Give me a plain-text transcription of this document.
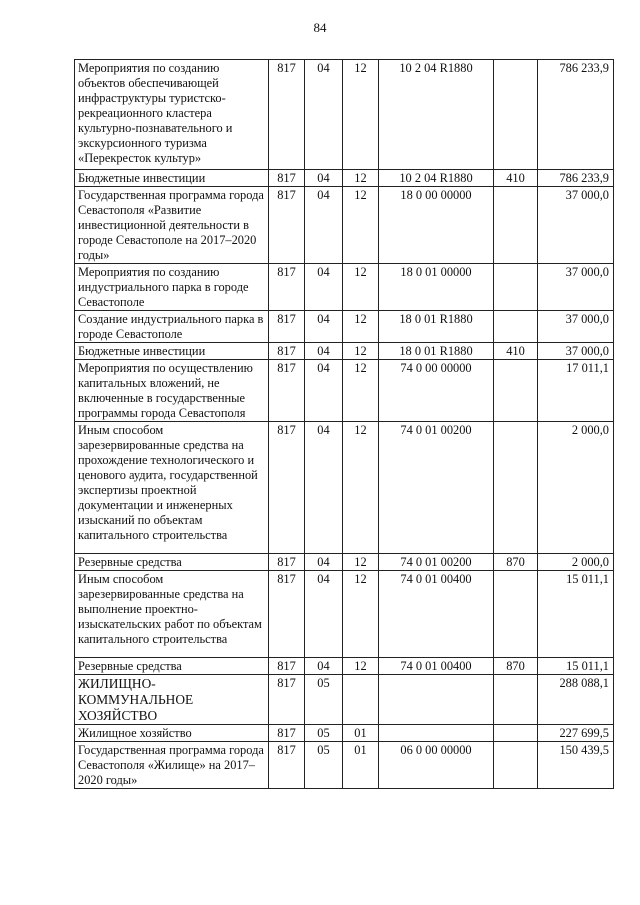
84
Мероприятия по созданию объектов обеспечивающей инфраструктуры туристско-рекреационного кластера культурно-познавательного и экскурсионного туризма «Перекресток культур»	817	04	12	10 2 04 R1880		786 233,9
Бюджетные инвестиции	817	04	12	10 2 04 R1880	410	786 233,9
Государственная программа города Севастополя «Развитие инвестиционной деятельности в городе Севастополе на 2017–2020 годы»	817	04	12	18 0 00 00000		37 000,0
Мероприятия по созданию индустриального парка в городе Севастополе	817	04	12	18 0 01 00000		37 000,0
Создание индустриального парка в городе Севастополе	817	04	12	18 0 01 R1880		37 000,0
Бюджетные инвестиции	817	04	12	18 0 01 R1880	410	37 000,0
Мероприятия по осуществлению капитальных вложений, не включенные в государственные программы города Севастополя	817	04	12	74 0 00 00000		17 011,1
Иным способом зарезервированные средства на прохождение технологического и ценового аудита, государственной экспертизы проектной документации и инженерных изысканий по объектам капитального строительства	817	04	12	74 0 01 00200		2 000,0
Резервные средства	817	04	12	74 0 01 00200	870	2 000,0
Иным способом зарезервированные средства на выполнение проектно-изыскательских работ по объектам капитального строительства	817	04	12	74 0 01 00400		15 011,1
Резервные средства	817	04	12	74 0 01 00400	870	15 011,1
ЖИЛИЩНО-КОММУНАЛЬНОЕ ХОЗЯЙСТВО	817	05				288 088,1
Жилищное хозяйство	817	05	01			227 699,5
Государственная программа города Севастополя «Жилище» на 2017–2020 годы»	817	05	01	06 0 00 00000		150 439,5
